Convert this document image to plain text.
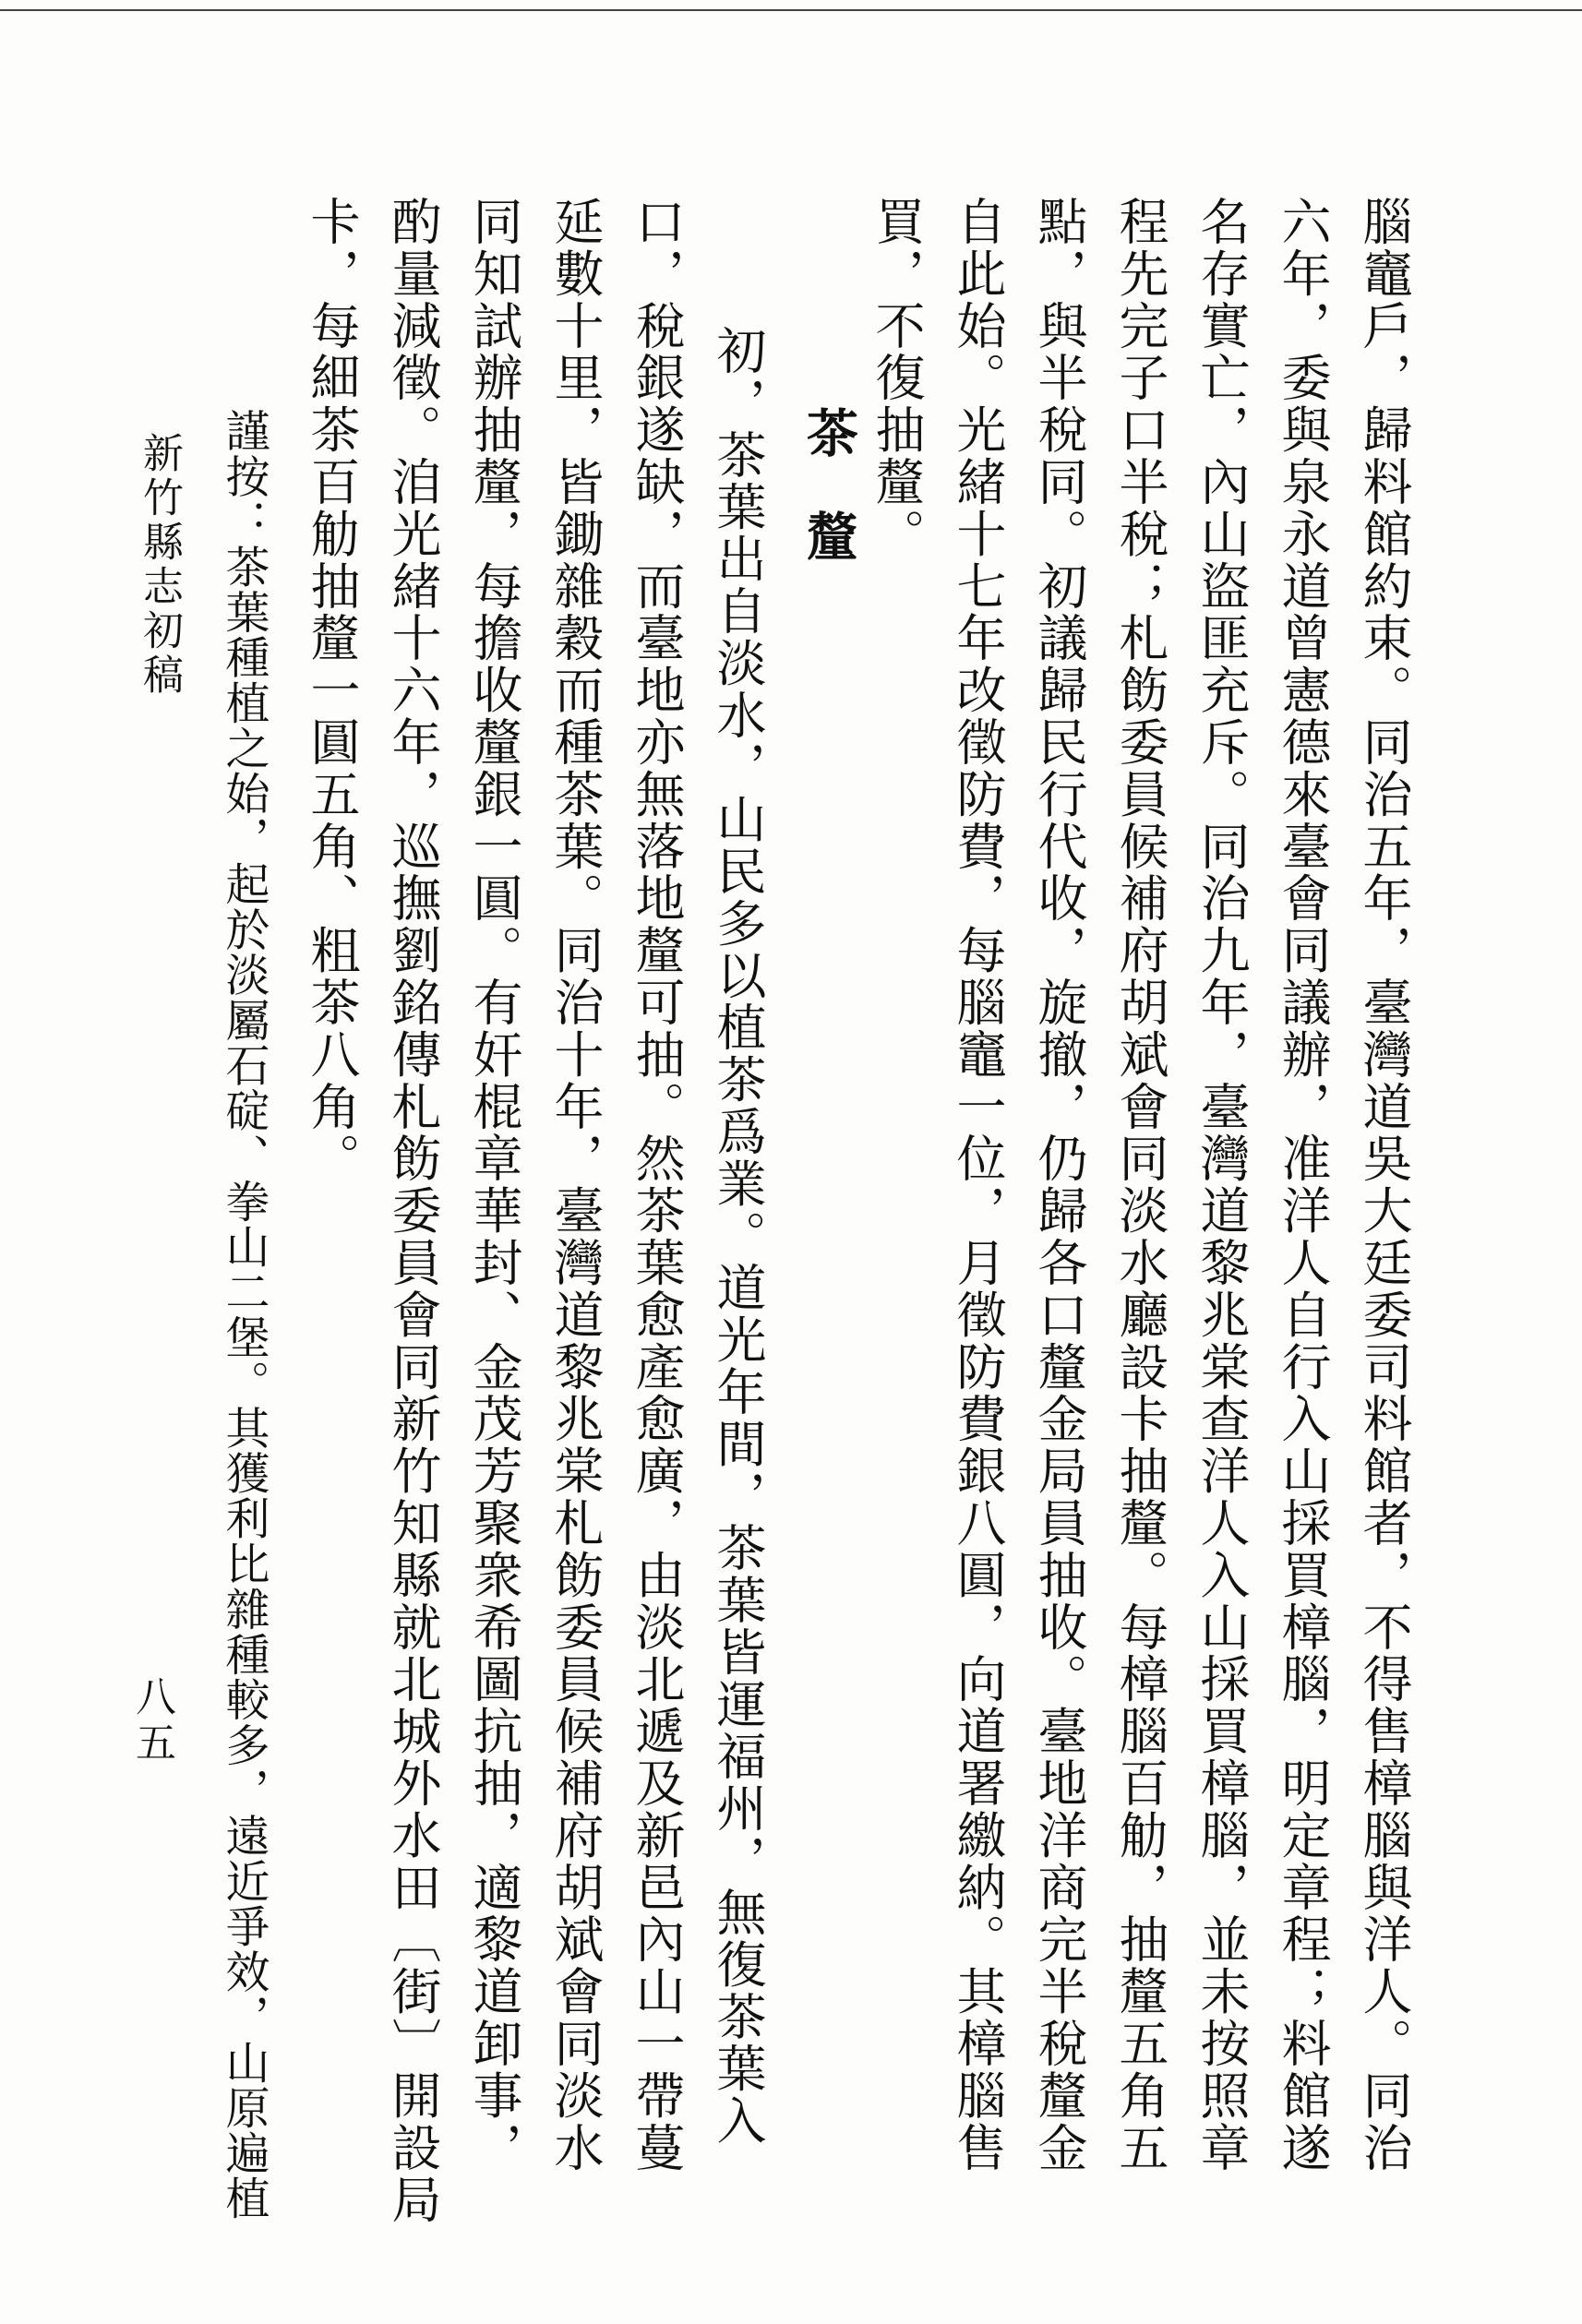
腦竈戶，歸料館約束。同治五年，臺灣道吳大廷委司料館者，不得售樟腦與洋人。同治
六年，委與泉永道曾憲德來臺會同議辦，准洋人自行入山採買樟腦，明定章程；料館遂
名存實亡，內山盜匪充斥。同治九年，臺灣道黎兆棠查洋人入山採買樟腦，並未按照章
程先完子口半稅；札飭委員候補府胡斌會同淡水廳設卡抽釐。每樟腦百觔，抽釐五角五
點，與半稅同。初議歸民行代收，旋撤，仍歸各口釐金局員抽收。臺地洋商完半稅釐金
自此始。光緒十七年改徵防費，每腦竈一位，月徵防費銀八圓，向道署繳納。其樟腦售
買，不復抽釐。
茶　釐
初，茶葉出自淡水，山民多以植茶爲業。道光年間，茶葉皆運福州，無復茶葉入
口，稅銀遂缺，而臺地亦無落地釐可抽。然茶葉愈產愈廣，由淡北遞及新邑內山一帶蔓
延數十里，皆鋤雜穀而種茶葉。同治十年，臺灣道黎兆棠札飭委員候補府胡斌會同淡水
同知試辦抽釐，每擔收釐銀一圓。有奸棍章華封、金茂芳聚衆希圖抗抽，適黎道卸事，
酌量減徵。洎光緒十六年，巡撫劉銘傳札飭委員會同新竹知縣就北城外水田〔街〕開設局
卡，每細茶百觔抽釐一圓五角、粗茶八角。
謹按：茶葉種植之始，起於淡屬石碇、拳山二堡。其獲利比雜種較多，遠近爭效，山原遍植
新竹縣志初稿
八五
